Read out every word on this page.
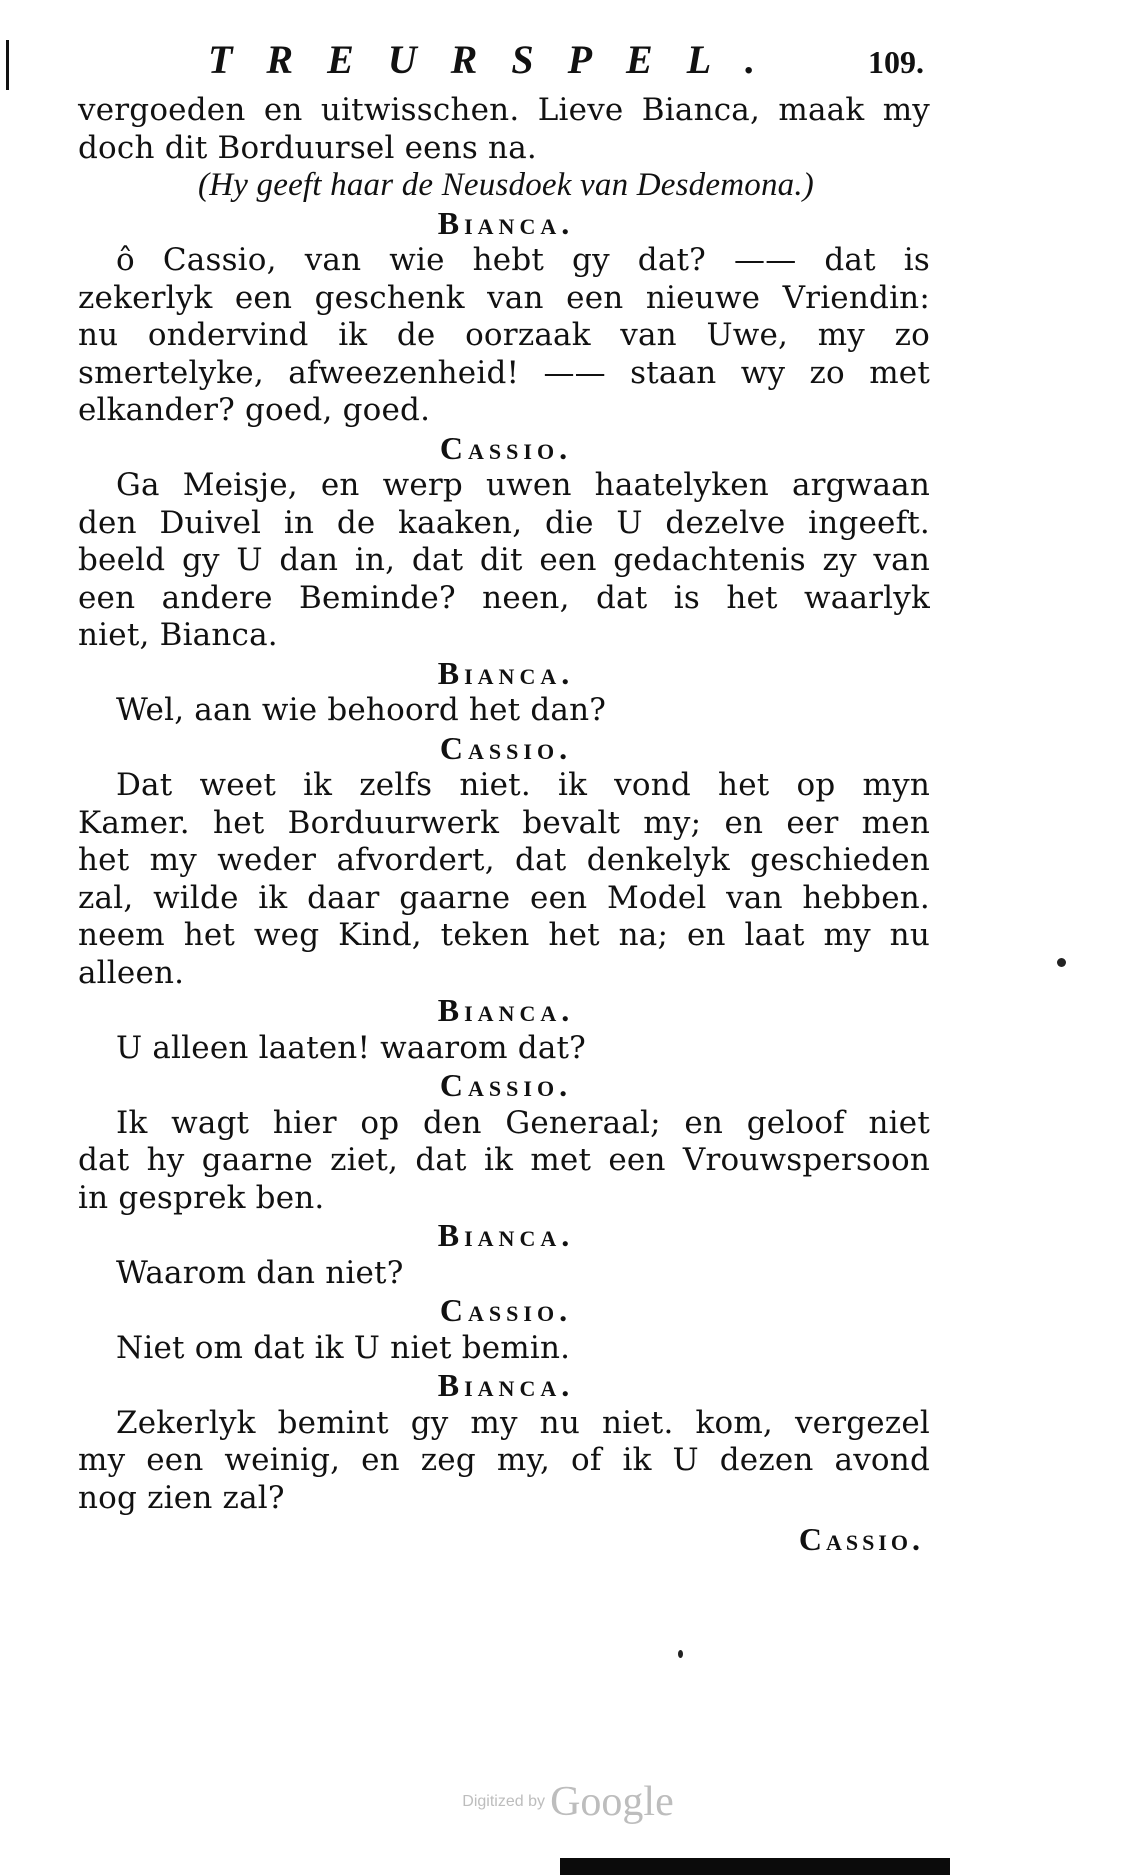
TREURSPEL. 109.
vergoeden en uitwisschen. Lieve Bianca, maak my
doch dit Borduursel eens na.
(Hy geeft haar de Neusdoek van Desdemona.)
Bianca.
ô Cassio, van wie hebt gy dat? —— dat is
zekerlyk een geschenk van een nieuwe Vriendin:
nu ondervind ik de oorzaak van Uwe, my zo
smertelyke, afweezenheid! —— staan wy zo met
elkander? goed, goed.
Cassio.
Ga Meisje, en werp uwen haatelyken argwaan
den Duivel in de kaaken, die U dezelve ingeeft.
beeld gy U dan in, dat dit een gedachtenis zy van
een andere Beminde? neen, dat is het waarlyk
niet, Bianca.
Bianca.
Wel, aan wie behoord het dan?
Cassio.
Dat weet ik zelfs niet. ik vond het op myn
Kamer. het Borduurwerk bevalt my; en eer men
het my weder afvordert, dat denkelyk geschieden
zal, wilde ik daar gaarne een Model van hebben.
neem het weg Kind, teken het na; en laat my nu
alleen.
Bianca.
U alleen laaten! waarom dat?
Cassio.
Ik wagt hier op den Generaal; en geloof niet
dat hy gaarne ziet, dat ik met een Vrouwspersoon
in gesprek ben.
Bianca.
Waarom dan niet?
Cassio.
Niet om dat ik U niet bemin.
Bianca.
Zekerlyk bemint gy my nu niet. kom, vergezel
my een weinig, en zeg my, of ik U dezen avond
nog zien zal?
Cassio.
Digitized by Google
